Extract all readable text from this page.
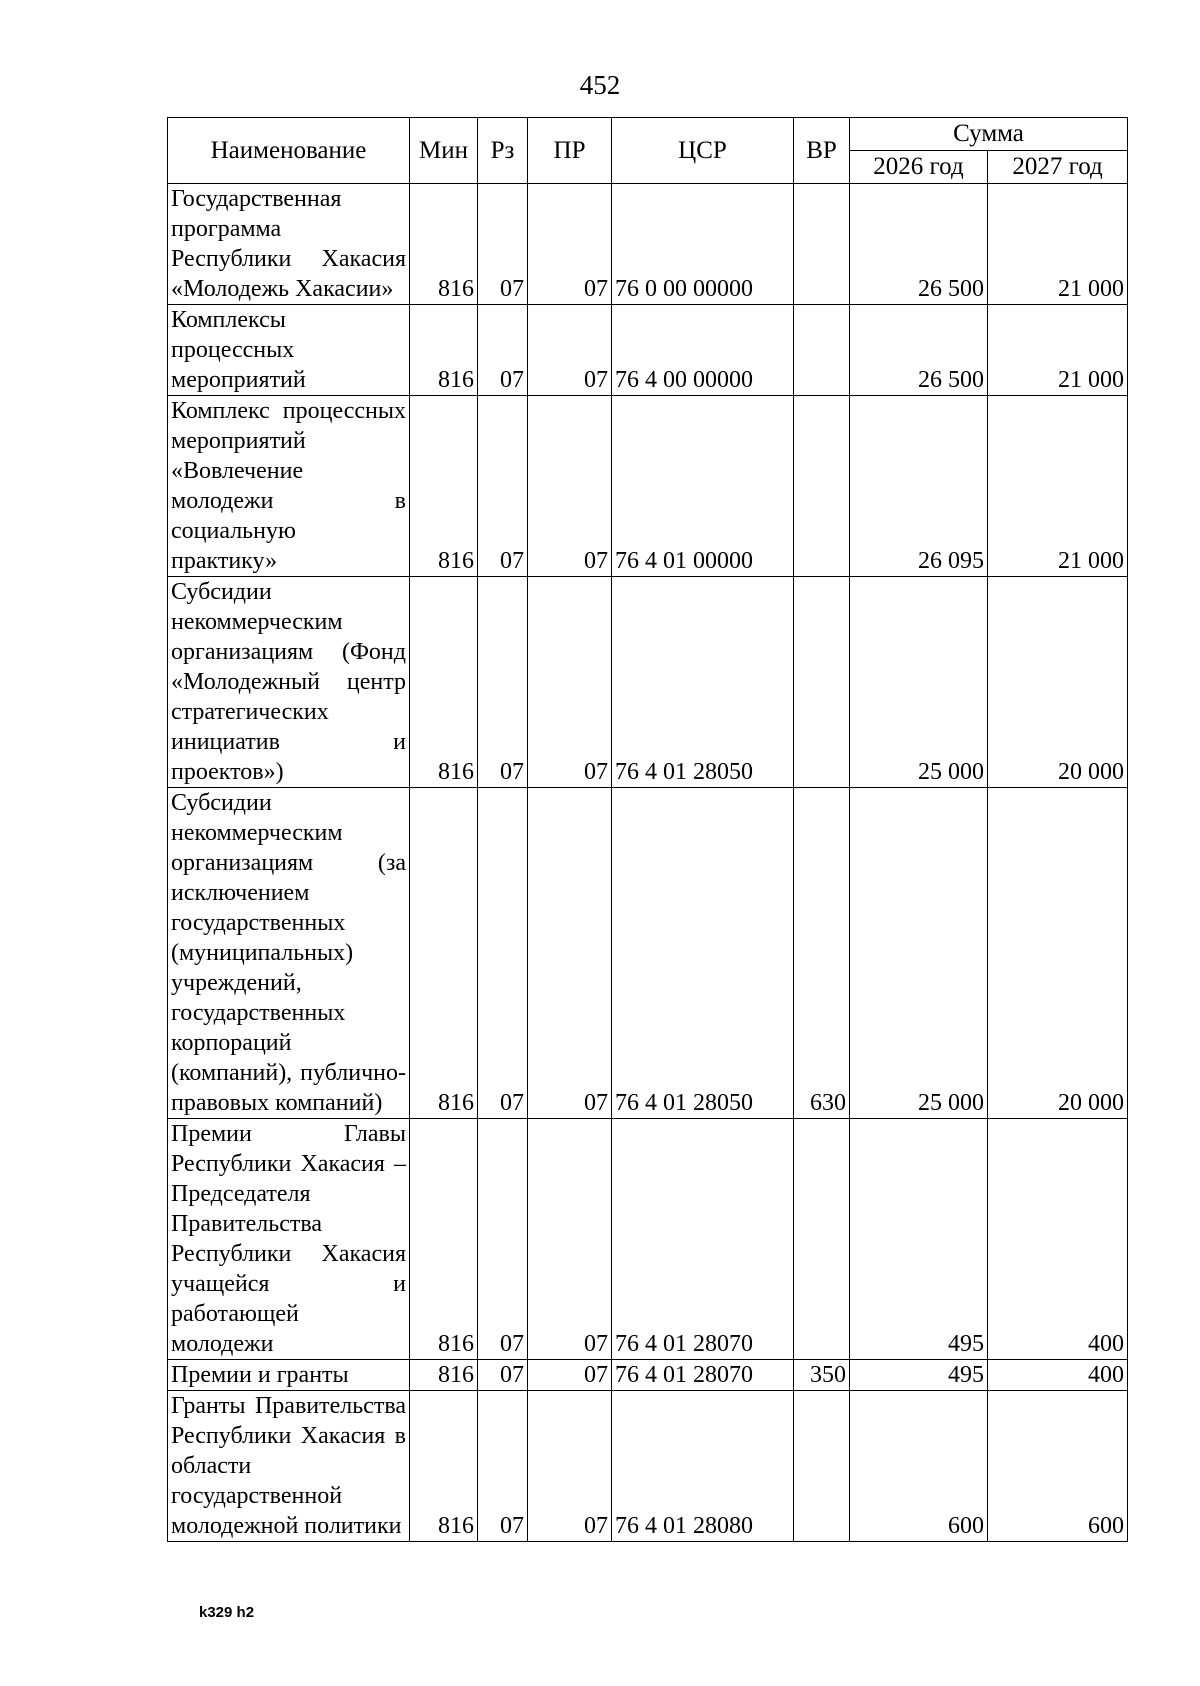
452
Наименование	Мин	Рз	ПР	ЦСР	ВР	Сумма	
						2026 год	2027 год
Государственная программа Республики Хакасия «Молодежь Хакасии»	816	07	07	76 0 00 00000		26 500	21 000
Комплексы процессных мероприятий	816	07	07	76 4 00 00000		26 500	21 000
Комплекс процессных мероприятий «Вовлечение молодежи в социальную практику»	816	07	07	76 4 01 00000		26 095	21 000
Субсидии некоммерческим организациям (Фонд «Молодежный центр стратегических инициатив и проектов»)	816	07	07	76 4 01 28050		25 000	20 000
Субсидии некоммерческим организациям (за исключением государственных (муниципальных) учреждений, государственных корпораций (компаний), публично-правовых компаний)	816	07	07	76 4 01 28050	630	25 000	20 000
Премии Главы Республики Хакасия – Председателя Правительства Республики Хакасия учащейся и работающей молодежи	816	07	07	76 4 01 28070		495	400
Премии и гранты	816	07	07	76 4 01 28070	350	495	400
Гранты Правительства Республики Хакасия в области государственной молодежной политики	816	07	07	76 4 01 28080		600	600
k329 h2
